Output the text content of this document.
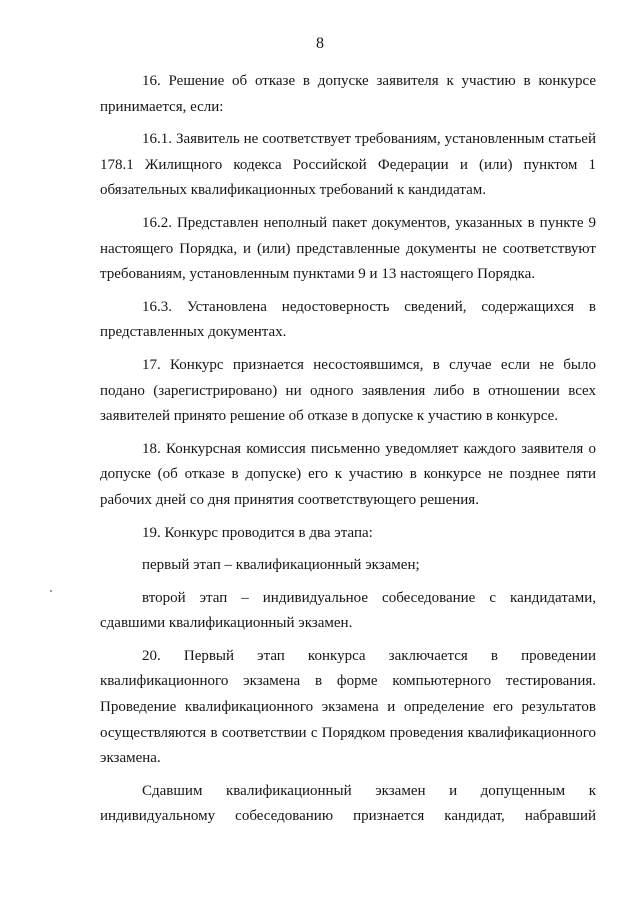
8

16. Решение об отказе в допуске заявителя к участию в конкурсе принимается, если:

16.1. Заявитель не соответствует требованиям, установленным статьей 178.1 Жилищного кодекса Российской Федерации и (или) пунктом 1 обязательных квалификационных требований к кандидатам.

16.2. Представлен неполный пакет документов, указанных в пункте 9 настоящего Порядка, и (или) представленные документы не соответствуют требованиям, установленным пунктами 9 и 13 настоящего Порядка.

16.3. Установлена недостоверность сведений, содержащихся в представленных документах.

17. Конкурс признается несостоявшимся, в случае если не было подано (зарегистрировано) ни одного заявления либо в отношении всех заявителей принято решение об отказе в допуске к участию в конкурсе.

18. Конкурсная комиссия письменно уведомляет каждого заявителя о допуске (об отказе в допуске) его к участию в конкурсе не позднее пяти рабочих дней со дня принятия соответствующего решения.

19. Конкурс проводится в два этапа:

первый этап – квалификационный экзамен;

второй этап – индивидуальное собеседование с кандидатами, сдавшими квалификационный экзамен.

20. Первый этап конкурса заключается в проведении квалификационного экзамена в форме компьютерного тестирования. Проведение квалификационного экзамена и определение его результатов осуществляются в соответствии с Порядком проведения квалификационного экзамена.

Сдавшим квалификационный экзамен и допущенным к индивидуальному собеседованию признается кандидат, набравший
